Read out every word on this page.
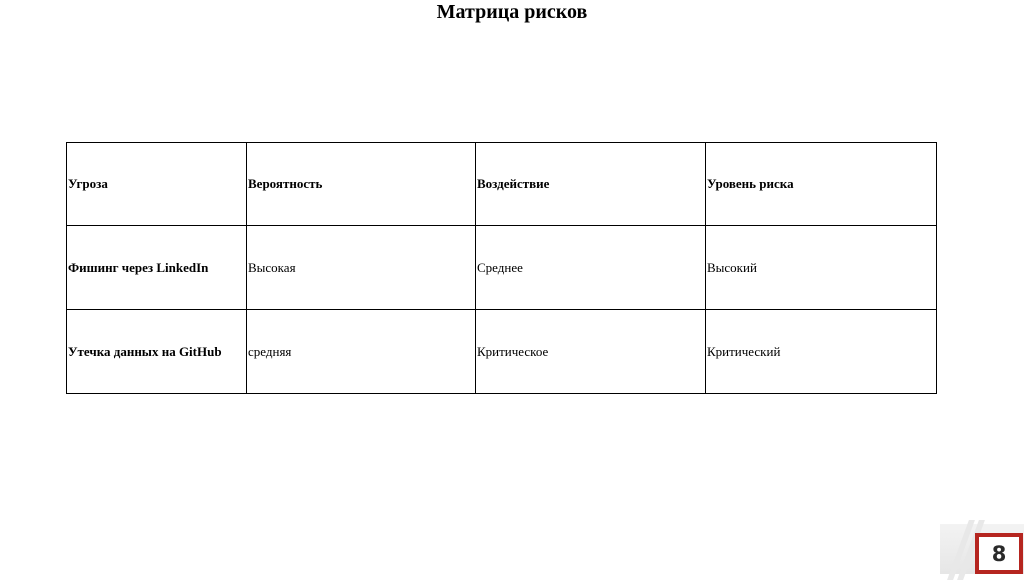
Матрица рисков
Угроза	Вероятность	Воздействие	Уровень риска
Фишинг через LinkedIn	Высокая	Среднее	Высокий
Утечка данных на GitHub	средняя	Критическое	Критический
8
